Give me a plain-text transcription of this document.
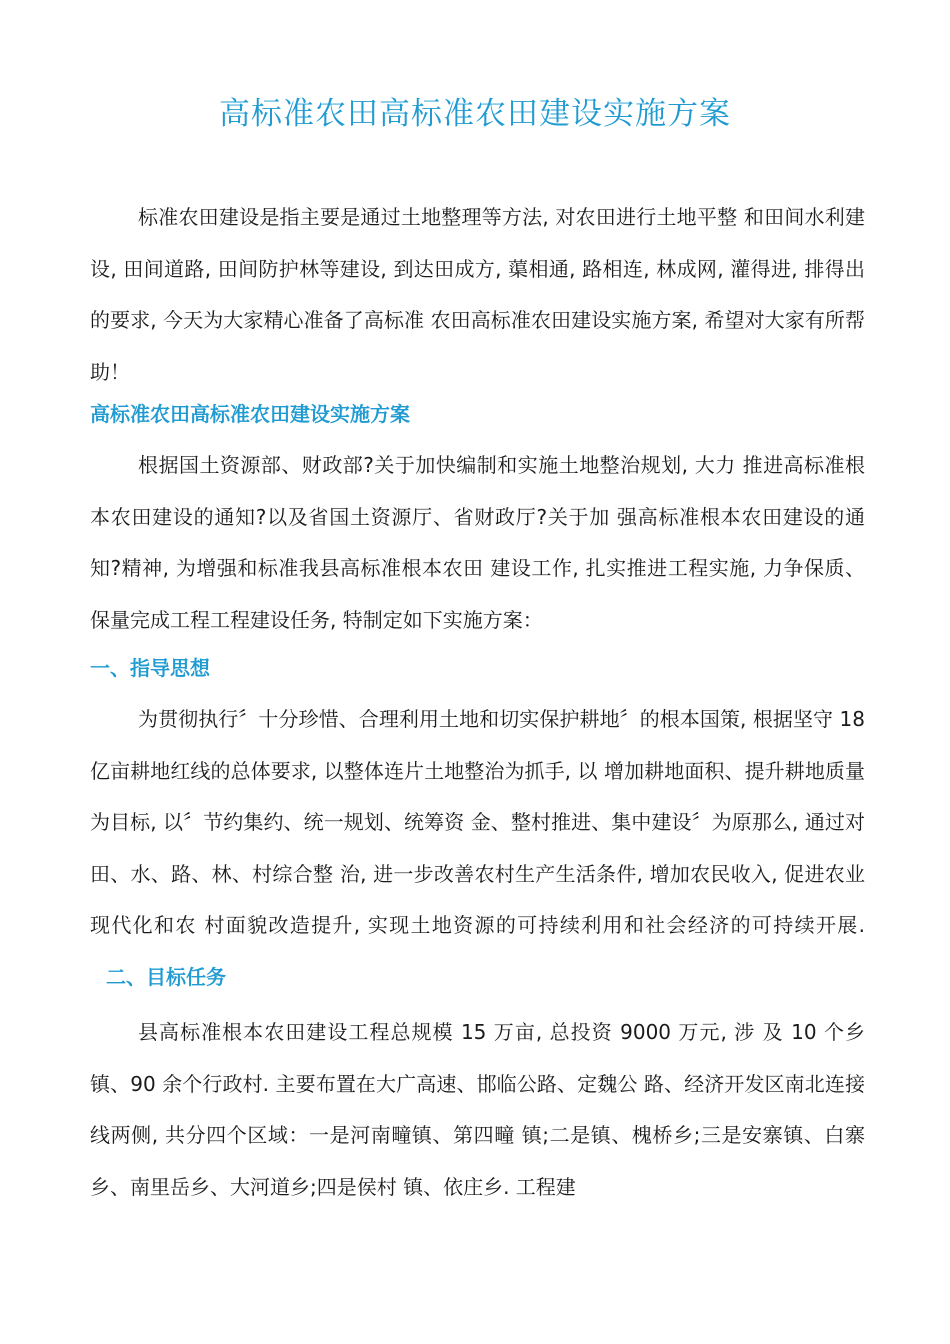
高标准农田高标准农田建设实施方案
标准农田建设是指主要是通过土地整理等方法, 对农田进行土地平整 和田间水利建设, 田间道路, 田间防护林等建设, 到达田成方, 蕖相通, 路相连, 林成网, 灌得进, 排得出的要求, 今天为大家精心准备了高标准 农田高标准农田建设实施方案, 希望对大家有所帮助！
高标准农田高标准农田建设实施方案
根据国土资源部、财政部?关于加快编制和实施土地整治规划, 大力 推进高标准根本农田建设的通知?以及省国土资源厅、省财政厅?关于加 强高标准根本农田建设的通知?精神, 为增强和标准我县高标准根本农田 建设工作, 扎实推进工程实施, 力争保质、保量完成工程工程建设任务, 特制定如下实施方案：
一、指导思想
为贯彻执行〞十分珍惜、合理利用土地和切实保护耕地〞的根本国策, 根据坚守 18 亿亩耕地红线的总体要求, 以整体连片土地整治为抓手, 以 增加耕地面积、提升耕地质量为目标, 以〞节约集约、统一规划、统筹资 金、整村推进、集中建设〞为原那么, 通过对田、水、路、林、村综合整 治, 进一步改善农村生产生活条件, 增加农民收入, 促进农业现代化和农 村面貌改造提升, 实现土地资源的可持续利用和社会经济的可持续开展.二、目标任务
县高标准根本农田建设工程总规模 15 万亩, 总投资 9000 万元, 涉 及 10 个乡镇、90 余个行政村. 主要布置在大广高速、邯临公路、定魏公 路、经济开发区南北连接线两侧, 共分四个区域：一是河南疃镇、第四疃 镇;二是镇、槐桥乡;三是安寨镇、白寨乡、南里岳乡、大河道乡;四是侯村 镇、依庄乡. 工程建
